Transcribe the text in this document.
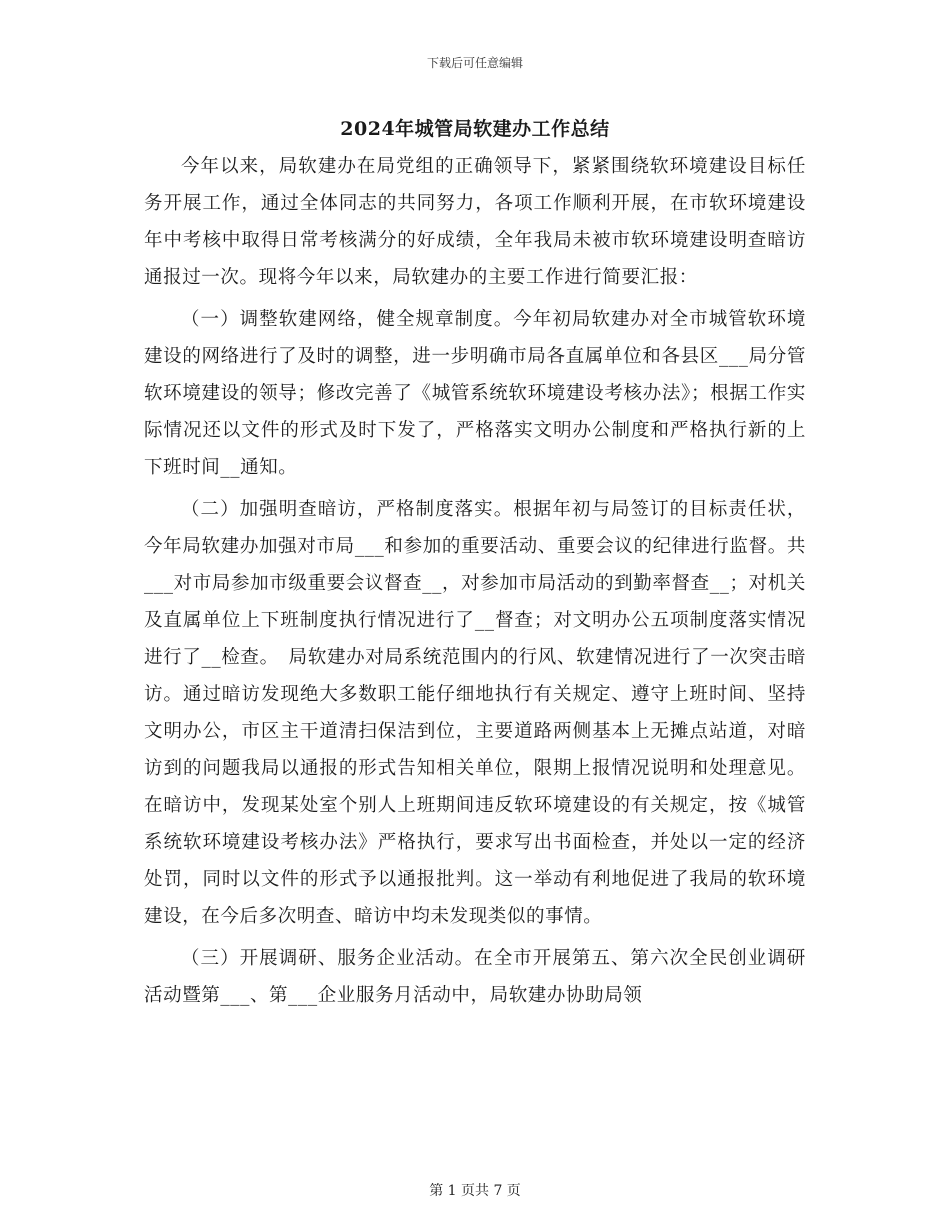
下载后可任意编辑
2024年城管局软建办工作总结

今年以来，局软建办在局党组的正确领导下，紧紧围绕软环境建设目标任务开展工作，通过全体同志的共同努力，各项工作顺利开展，在市软环境建设年中考核中取得日常考核满分的好成绩，全年我局未被市软环境建设明查暗访通报过一次。现将今年以来，局软建办的主要工作进行简要汇报：

（一）调整软建网络，健全规章制度。今年初局软建办对全市城管软环境建设的网络进行了及时的调整，进一步明确市局各直属单位和各县区___局分管软环境建设的领导；修改完善了《城管系统软环境建设考核办法》；根据工作实际情况还以文件的形式及时下发了，严格落实文明办公制度和严格执行新的上下班时间__通知。

（二）加强明查暗访，严格制度落实。根据年初与局签订的目标责任状，今年局软建办加强对市局___和参加的重要活动、重要会议的纪律进行监督。共___对市局参加市级重要会议督查__，对参加市局活动的到勤率督查__；对机关及直属单位上下班制度执行情况进行了__督查；对文明办公五项制度落实情况进行了__检查。　局软建办对局系统范围内的行风、软建情况进行了一次突击暗访。通过暗访发现绝大多数职工能仔细地执行有关规定、遵守上班时间、坚持文明办公，市区主干道清扫保洁到位，主要道路两侧基本上无摊点站道，对暗访到的问题我局以通报的形式告知相关单位，限期上报情况说明和处理意见。在暗访中，发现某处室个别人上班期间违反软环境建设的有关规定，按《城管系统软环境建设考核办法》严格执行，要求写出书面检查，并处以一定的经济处罚，同时以文件的形式予以通报批判。这一举动有利地促进了我局的软环境建设，在今后多次明查、暗访中均未发现类似的事情。

（三）开展调研、服务企业活动。在全市开展第五、第六次全民创业调研活动暨第___、第___企业服务月活动中，局软建办协助局领

第 1 页共 7 页
